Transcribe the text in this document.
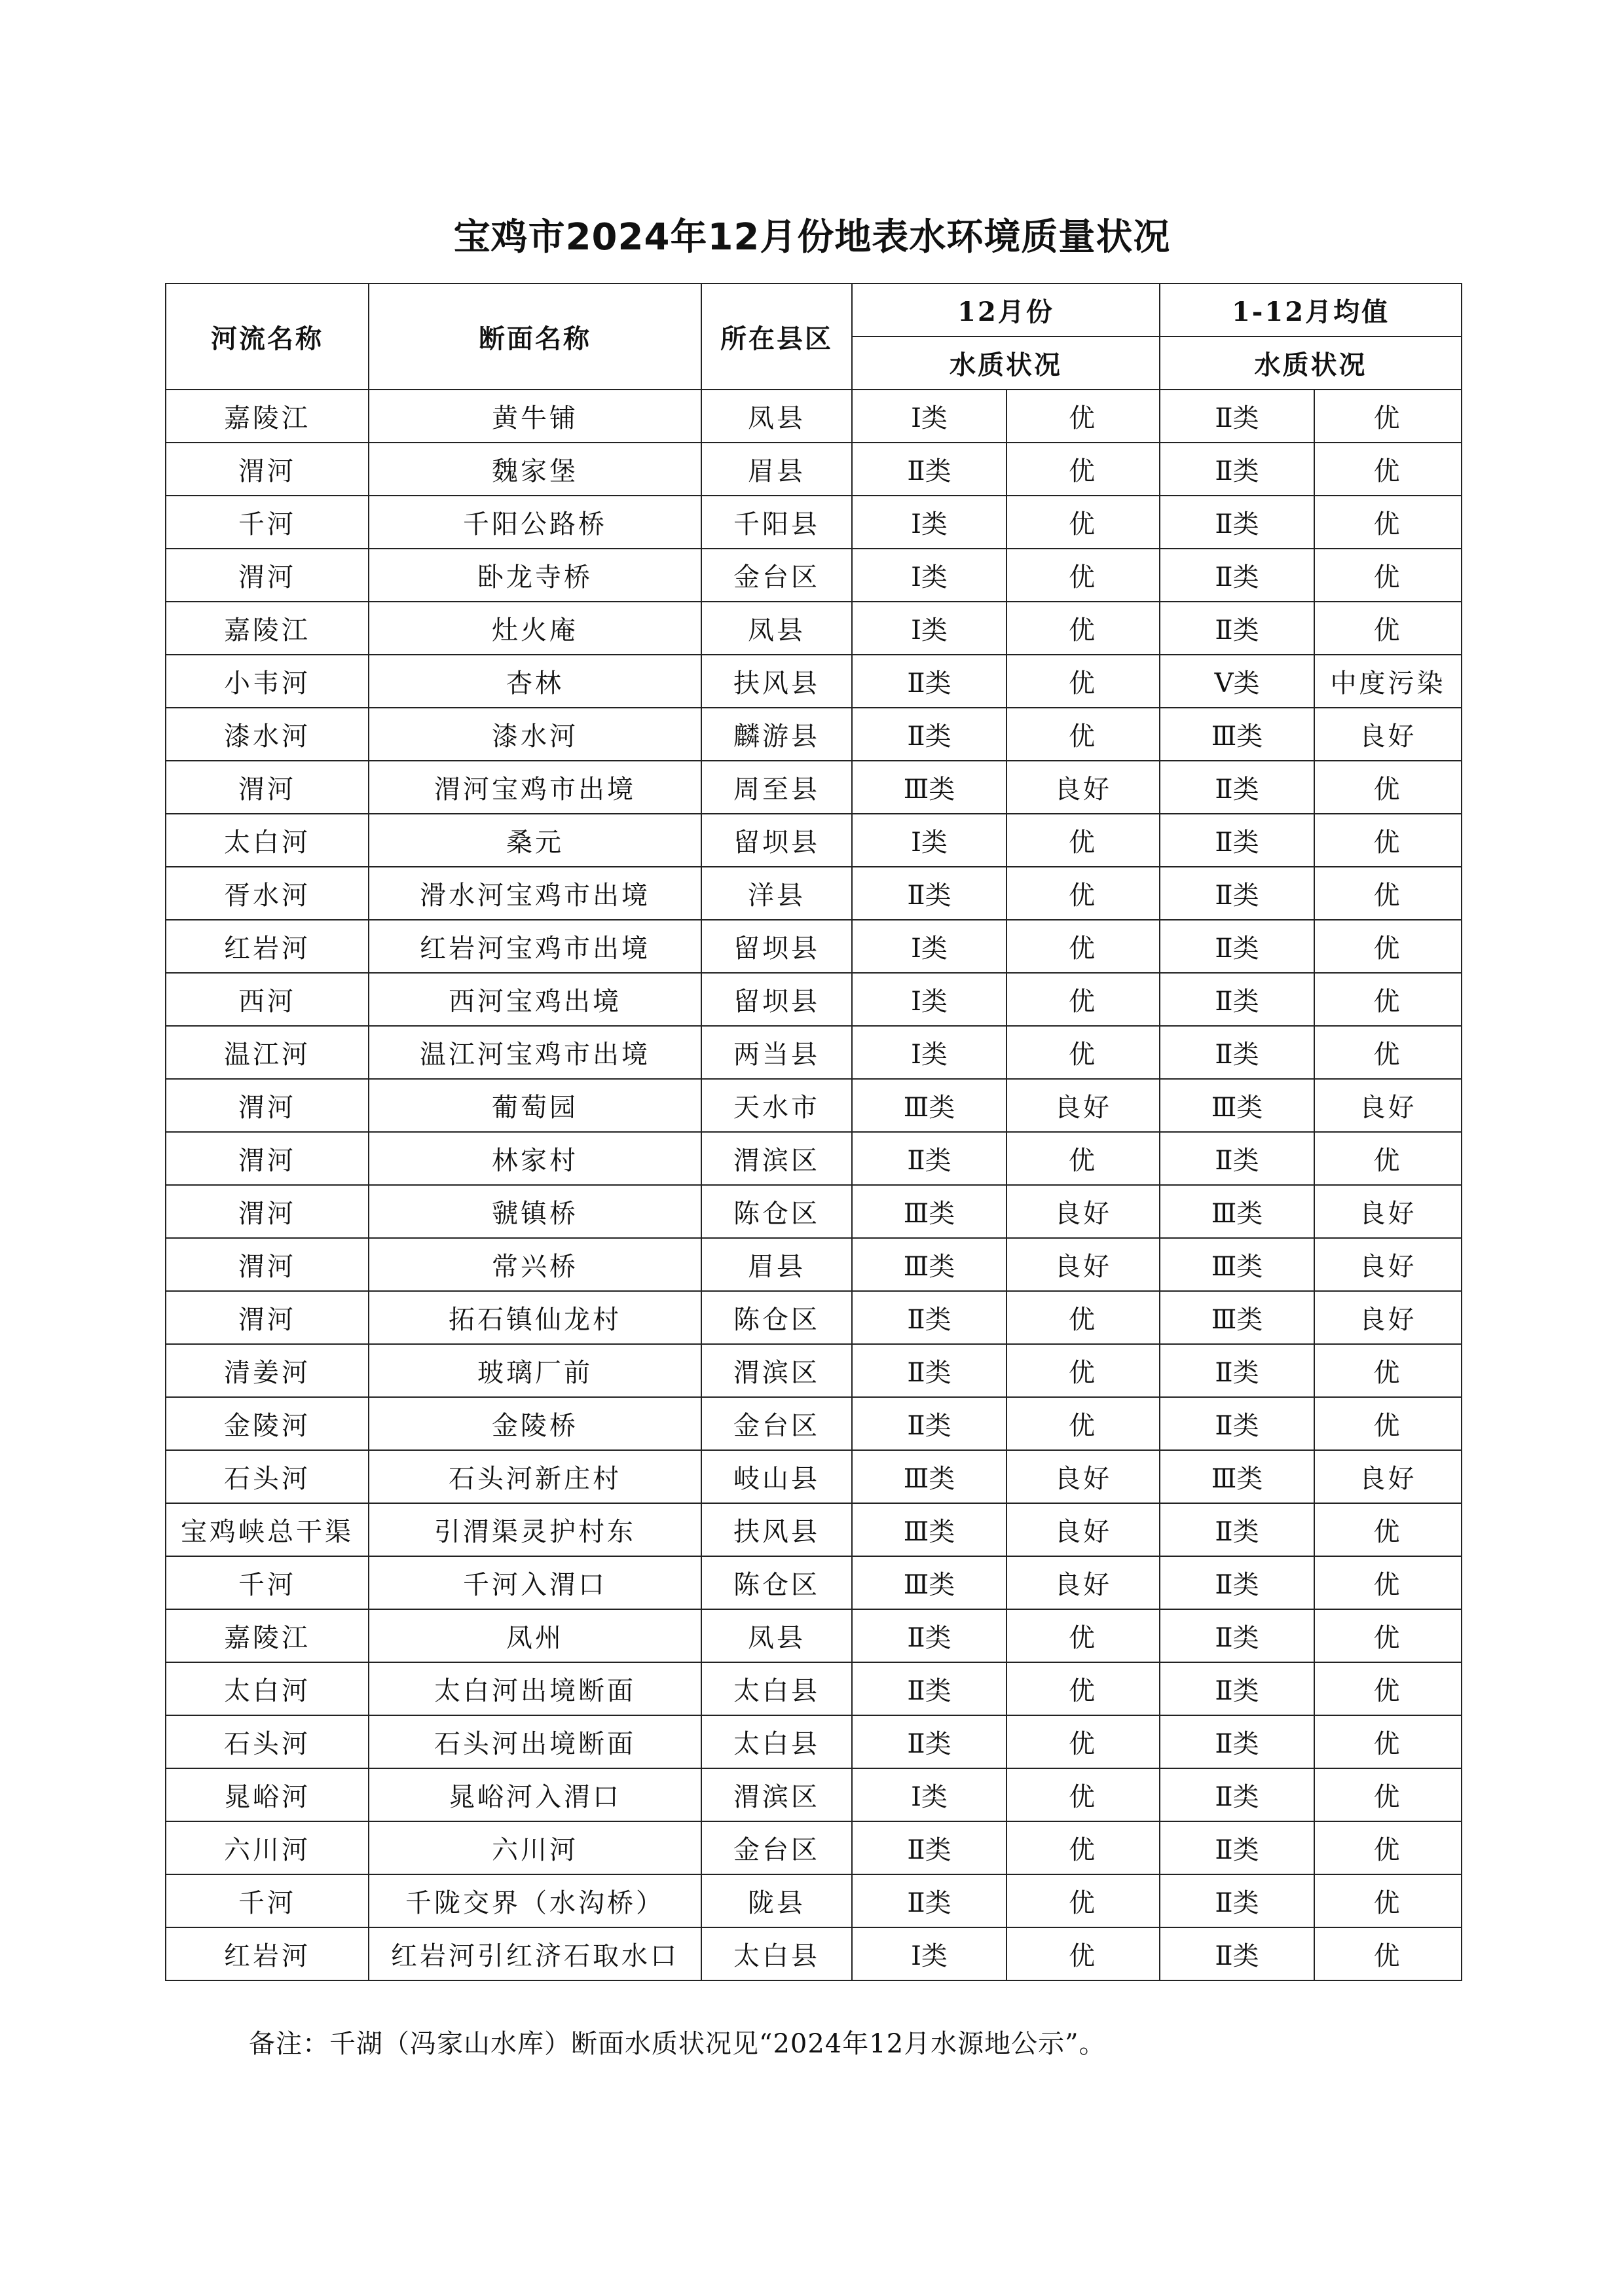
宝鸡市2024年12月份地表水环境质量状况
河流名称	断面名称	所在县区	12月份		1-12月均值	
			水质状况		水质状况	
嘉陵江	黄牛铺	凤县	Ⅰ类	优	Ⅱ类	优
渭河	魏家堡	眉县	Ⅱ类	优	Ⅱ类	优
千河	千阳公路桥	千阳县	Ⅰ类	优	Ⅱ类	优
渭河	卧龙寺桥	金台区	Ⅰ类	优	Ⅱ类	优
嘉陵江	灶火庵	凤县	Ⅰ类	优	Ⅱ类	优
小韦河	杏林	扶风县	Ⅱ类	优	Ⅴ类	中度污染
漆水河	漆水河	麟游县	Ⅱ类	优	Ⅲ类	良好
渭河	渭河宝鸡市出境	周至县	Ⅲ类	良好	Ⅱ类	优
太白河	桑元	留坝县	Ⅰ类	优	Ⅱ类	优
胥水河	滑水河宝鸡市出境	洋县	Ⅱ类	优	Ⅱ类	优
红岩河	红岩河宝鸡市出境	留坝县	Ⅰ类	优	Ⅱ类	优
西河	西河宝鸡出境	留坝县	Ⅰ类	优	Ⅱ类	优
温江河	温江河宝鸡市出境	两当县	Ⅰ类	优	Ⅱ类	优
渭河	葡萄园	天水市	Ⅲ类	良好	Ⅲ类	良好
渭河	林家村	渭滨区	Ⅱ类	优	Ⅱ类	优
渭河	虢镇桥	陈仓区	Ⅲ类	良好	Ⅲ类	良好
渭河	常兴桥	眉县	Ⅲ类	良好	Ⅲ类	良好
渭河	拓石镇仙龙村	陈仓区	Ⅱ类	优	Ⅲ类	良好
清姜河	玻璃厂前	渭滨区	Ⅱ类	优	Ⅱ类	优
金陵河	金陵桥	金台区	Ⅱ类	优	Ⅱ类	优
石头河	石头河新庄村	岐山县	Ⅲ类	良好	Ⅲ类	良好
宝鸡峡总干渠	引渭渠灵护村东	扶风县	Ⅲ类	良好	Ⅱ类	优
千河	千河入渭口	陈仓区	Ⅲ类	良好	Ⅱ类	优
嘉陵江	凤州	凤县	Ⅱ类	优	Ⅱ类	优
太白河	太白河出境断面	太白县	Ⅱ类	优	Ⅱ类	优
石头河	石头河出境断面	太白县	Ⅱ类	优	Ⅱ类	优
晁峪河	晁峪河入渭口	渭滨区	Ⅰ类	优	Ⅱ类	优
六川河	六川河	金台区	Ⅱ类	优	Ⅱ类	优
千河	千陇交界（水沟桥）	陇县	Ⅱ类	优	Ⅱ类	优
红岩河	红岩河引红济石取水口	太白县	Ⅰ类	优	Ⅱ类	优
备注：千湖（冯家山水库）断面水质状况见“2024年12月水源地公示”。
